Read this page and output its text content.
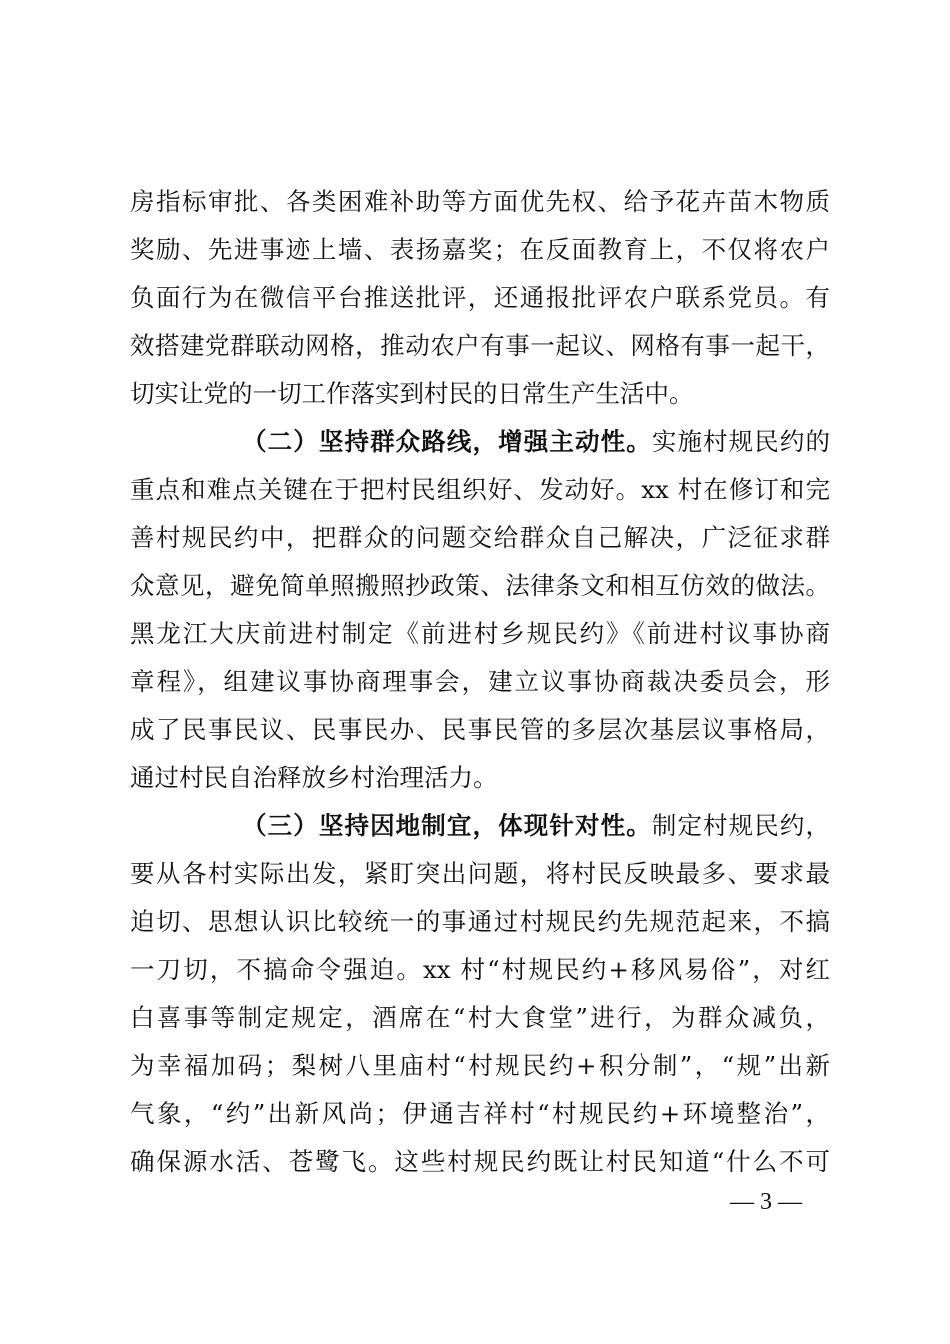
房指标审批、各类困难补助等方面优先权、给予花卉苗木物质
奖励、先进事迹上墙、表扬嘉奖；在反面教育上，不仅将农户
负面行为在微信平台推送批评，还通报批评农户联系党员。有
效搭建党群联动网格，推动农户有事一起议、网格有事一起干，
切实让党的一切工作落实到村民的日常生产生活中。
（二）坚持群众路线，增强主动性。实施村规民约的
重点和难点关键在于把村民组织好、发动好。xx 村在修订和完
善村规民约中，把群众的问题交给群众自己解决，广泛征求群
众意见，避免简单照搬照抄政策、法律条文和相互仿效的做法。
黑龙江大庆前进村制定《前进村乡规民约》《前进村议事协商
章程》，组建议事协商理事会，建立议事协商裁决委员会，形
成了民事民议、民事民办、民事民管的多层次基层议事格局，
通过村民自治释放乡村治理活力。
（三）坚持因地制宜，体现针对性。制定村规民约，
要从各村实际出发，紧盯突出问题，将村民反映最多、要求最
迫切、思想认识比较统一的事通过村规民约先规范起来，不搞
一刀切，不搞命令强迫。xx 村“村规民约+移风易俗”，对红
白喜事等制定规定，酒席在“村大食堂”进行，为群众减负，
为幸福加码；梨树八里庙村“村规民约+积分制”，“规”出新
气象，“约”出新风尚；伊通吉祥村“村规民约+环境整治”，
确保源水活、苍鹭飞。这些村规民约既让村民知道“什么不可
— 3 —
